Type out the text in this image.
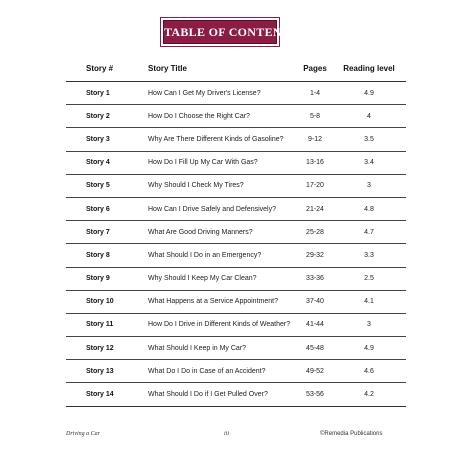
TABLE OF CONTENT
Story #	Story Title	Pages	Reading level
Story 1	How Can I Get My Driver's License?	1-4	4.9
Story 2	How Do I Choose the Right Car?	5-8	4
Story 3	Why Are There Different Kinds of Gasoline?	9-12	3.5
Story 4	How Do I Fill Up My Car With Gas?	13-16	3.4
Story 5	Why Should I Check My Tires?	17-20	3
Story 6	How Can I Drive Safely and Defensively?	21-24	4.8
Story 7	What Are Good Driving Manners?	25-28	4.7
Story 8	What Should I Do in an Emergency?	29-32	3.3
Story 9	Why Should I Keep My Car Clean?	33-36	2.5
Story 10	What Happens at a Service Appointment?	37-40	4.1
Story 11	How Do I Drive in Different Kinds of Weather?	41-44	3
Story 12	What Should I Keep in My Car?	45-48	4.9
Story 13	What Do I Do in Case of an Accident?	49-52	4.6
Story 14	What Should I Do if I Get Pulled Over?	53-56	4.2
Driving a Car	iii	©Remedia Publications
